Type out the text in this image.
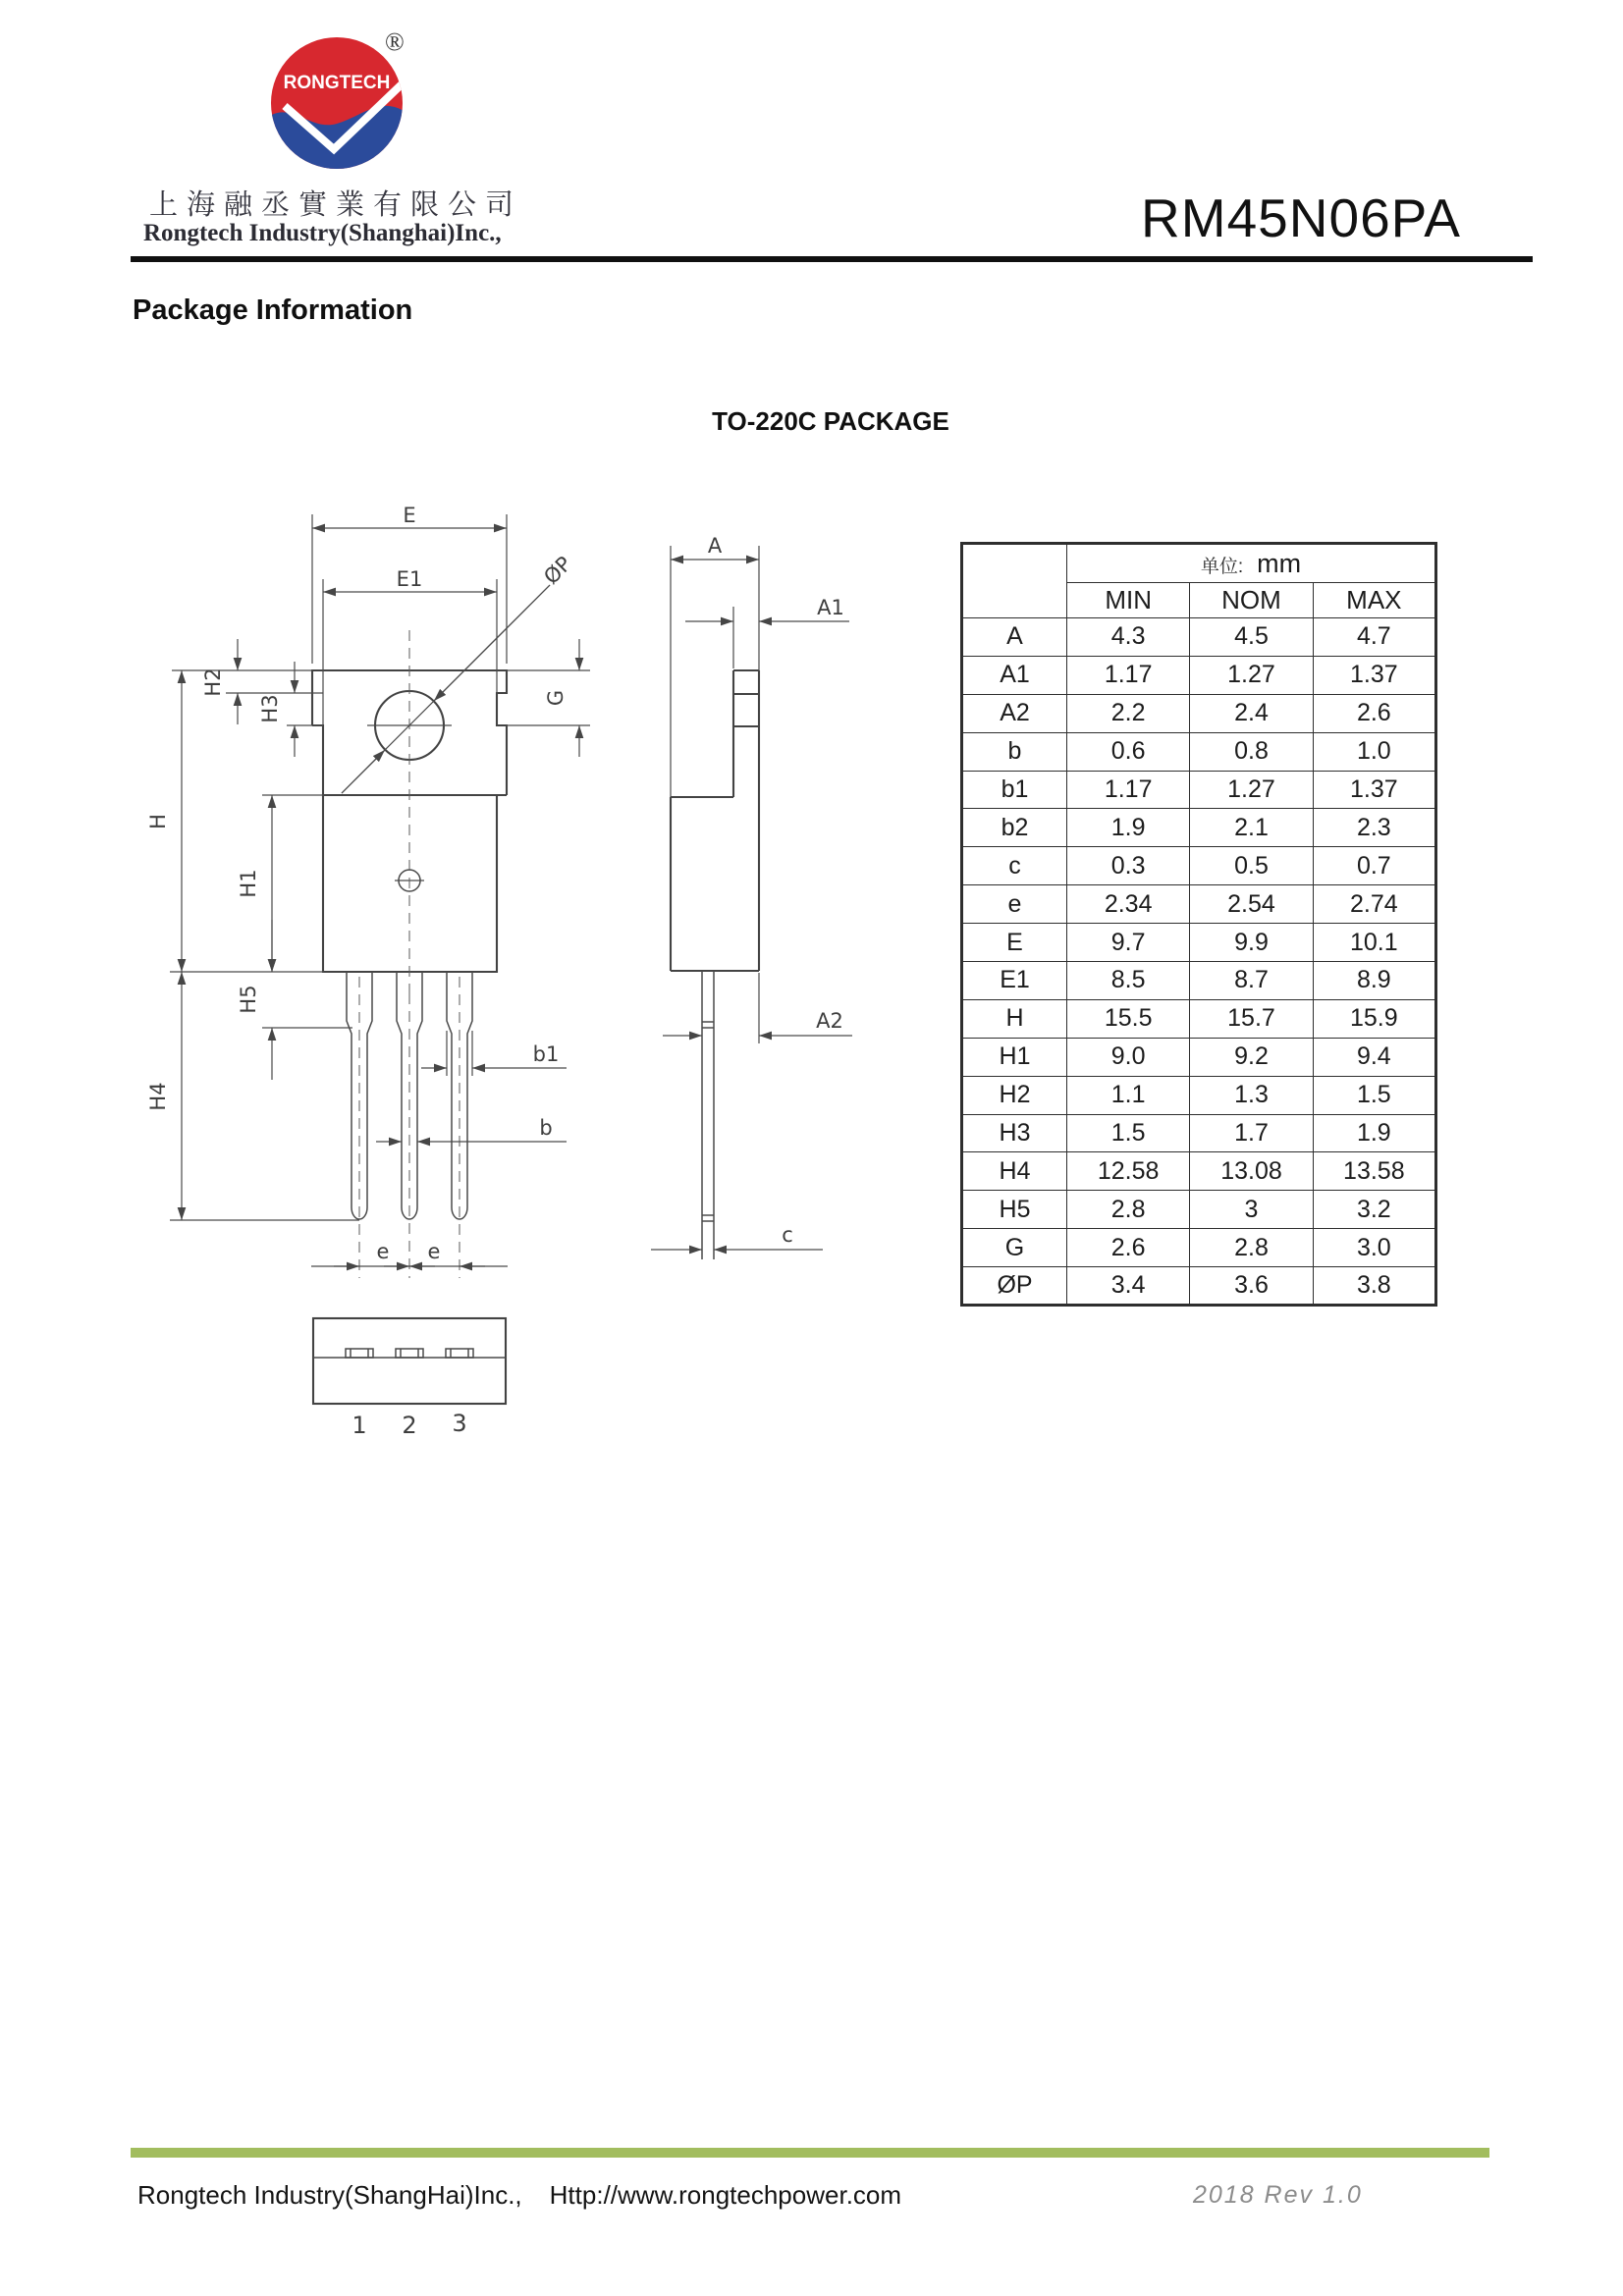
RONGTECH
®
上海融丞實業有限公司
Rongtech Industry(Shanghai)Inc.,	RM45N06PA
Package Information
TO-220C PACKAGE
E
E1	ØP
H2
H3	G
H
H1
H4
H5
b1
b
e e
A
A1
A2
c
1 2 3
	单位: mm		
	MIN	NOM	MAX
A	4.3	4.5	4.7
A1	1.17	1.27	1.37
A2	2.2	2.4	2.6
b	0.6	0.8	1.0
b1	1.17	1.27	1.37
b2	1.9	2.1	2.3
c	0.3	0.5	0.7
e	2.34	2.54	2.74
E	9.7	9.9	10.1
E1	8.5	8.7	8.9
H	15.5	15.7	15.9
H1	9.0	9.2	9.4
H2	1.1	1.3	1.5
H3	1.5	1.7	1.9
H4	12.58	13.08	13.58
H5	2.8	3	3.2
G	2.6	2.8	3.0
ØP	3.4	3.6	3.8
Rongtech Industry(ShangHai)Inc., Http://www.rongtechpower.com	2018 Rev 1.0
